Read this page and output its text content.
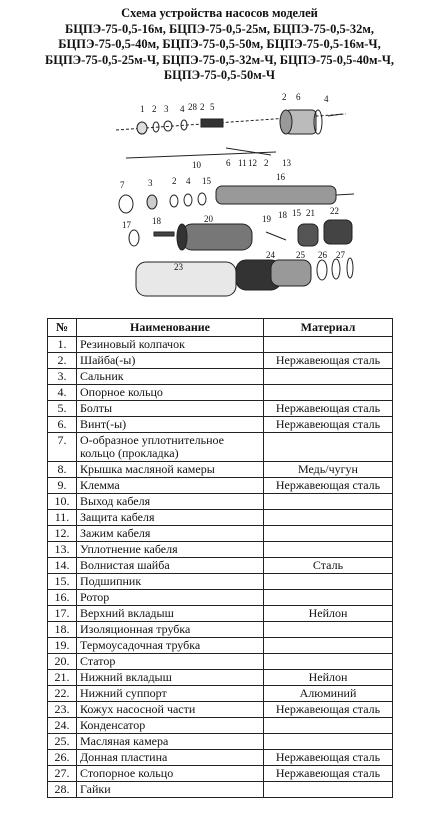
Схема устройства насосов моделей
БЦПЭ-75-0,5-16м, БЦПЭ-75-0,5-25м, БЦПЭ-75-0,5-32м,
БЦПЭ-75-0,5-40м, БЦПЭ-75-0,5-50м, БЦПЭ-75-0,5-16м-Ч,
БЦПЭ-75-0,5-25м-Ч, БЦПЭ-75-0,5-32м-Ч, БЦПЭ-75-0,5-40м-Ч,
БЦПЭ-75-0,5-50м-Ч
1 2 3 4 28 2 5
2 6	4
10	6 11 12 2 13
7	3 2 4 15	16
17 18	20	19 18 15 21 22
24 25 26 27
23
№	Наименование	Материал
1.	Резиновый колпачок	
2.	Шайба(-ы)	Нержавеющая сталь
3.	Сальник	
4.	Опорное кольцо	
5.	Болты	Нержавеющая сталь
6.	Винт(-ы)	Нержавеющая сталь
7.	О-образное уплотнительное кольцо (прокладка)	
8.	Крышка масляной камеры	Медь/чугун
9.	Клемма	Нержавеющая сталь
10.	Выход кабеля	
11.	Защита кабеля	
12.	Зажим кабеля	
13.	Уплотнение кабеля	
14.	Волнистая шайба	Сталь
15.	Подшипник	
16.	Ротор	
17.	Верхний вкладыш	Нейлон
18.	Изоляционная трубка	
19.	Термоусадочная трубка	
20.	Статор	
21.	Нижний вкладыш	Нейлон
22.	Нижний суппорт	Алюминий
23.	Кожух насосной части	Нержавеющая сталь
24.	Конденсатор	
25.	Масляная камера	
26.	Донная пластина	Нержавеющая сталь
27.	Стопорное кольцо	Нержавеющая сталь
28.	Гайки	
